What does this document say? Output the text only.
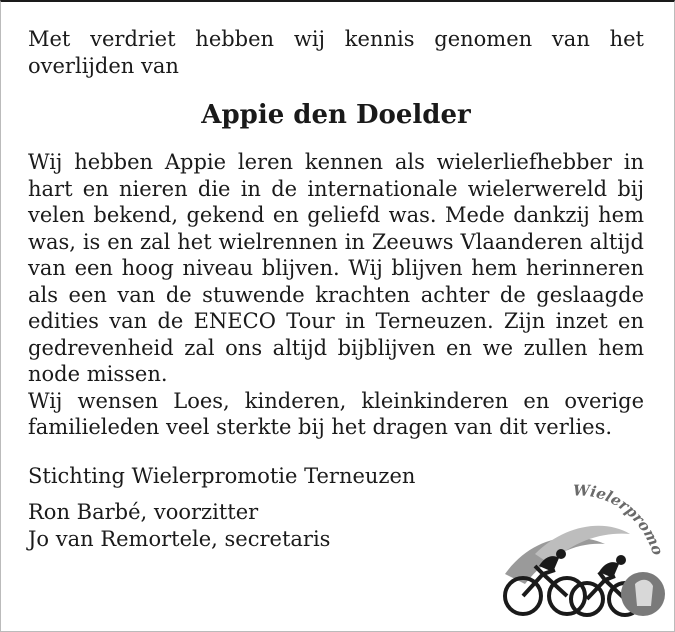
Met verdriet hebben wij kennis genomen van het overlijden van

Appie den Doelder

Wij hebben Appie leren kennen als wielerliefhebber in hart en nieren die in de internationale wielerwereld bij velen bekend, gekend en geliefd was. Mede dankzij hem was, is en zal het wielrennen in Zeeuws Vlaanderen altijd van een hoog niveau blijven. Wij blijven hem herinneren als een van de stuwende krachten achter de geslaagde edities van de ENECO Tour in Terneuzen. Zijn inzet en gedrevenheid zal ons altijd bijblijven en we zullen hem node missen.

Wij wensen Loes, kinderen, kleinkinderen en overige familieleden veel sterkte bij het dragen van dit verlies.

Stichting Wielerpromotie Terneuzen

Ron Barbé, voorzitter

Jo van Remortele, secretaris

Wielerpromo
